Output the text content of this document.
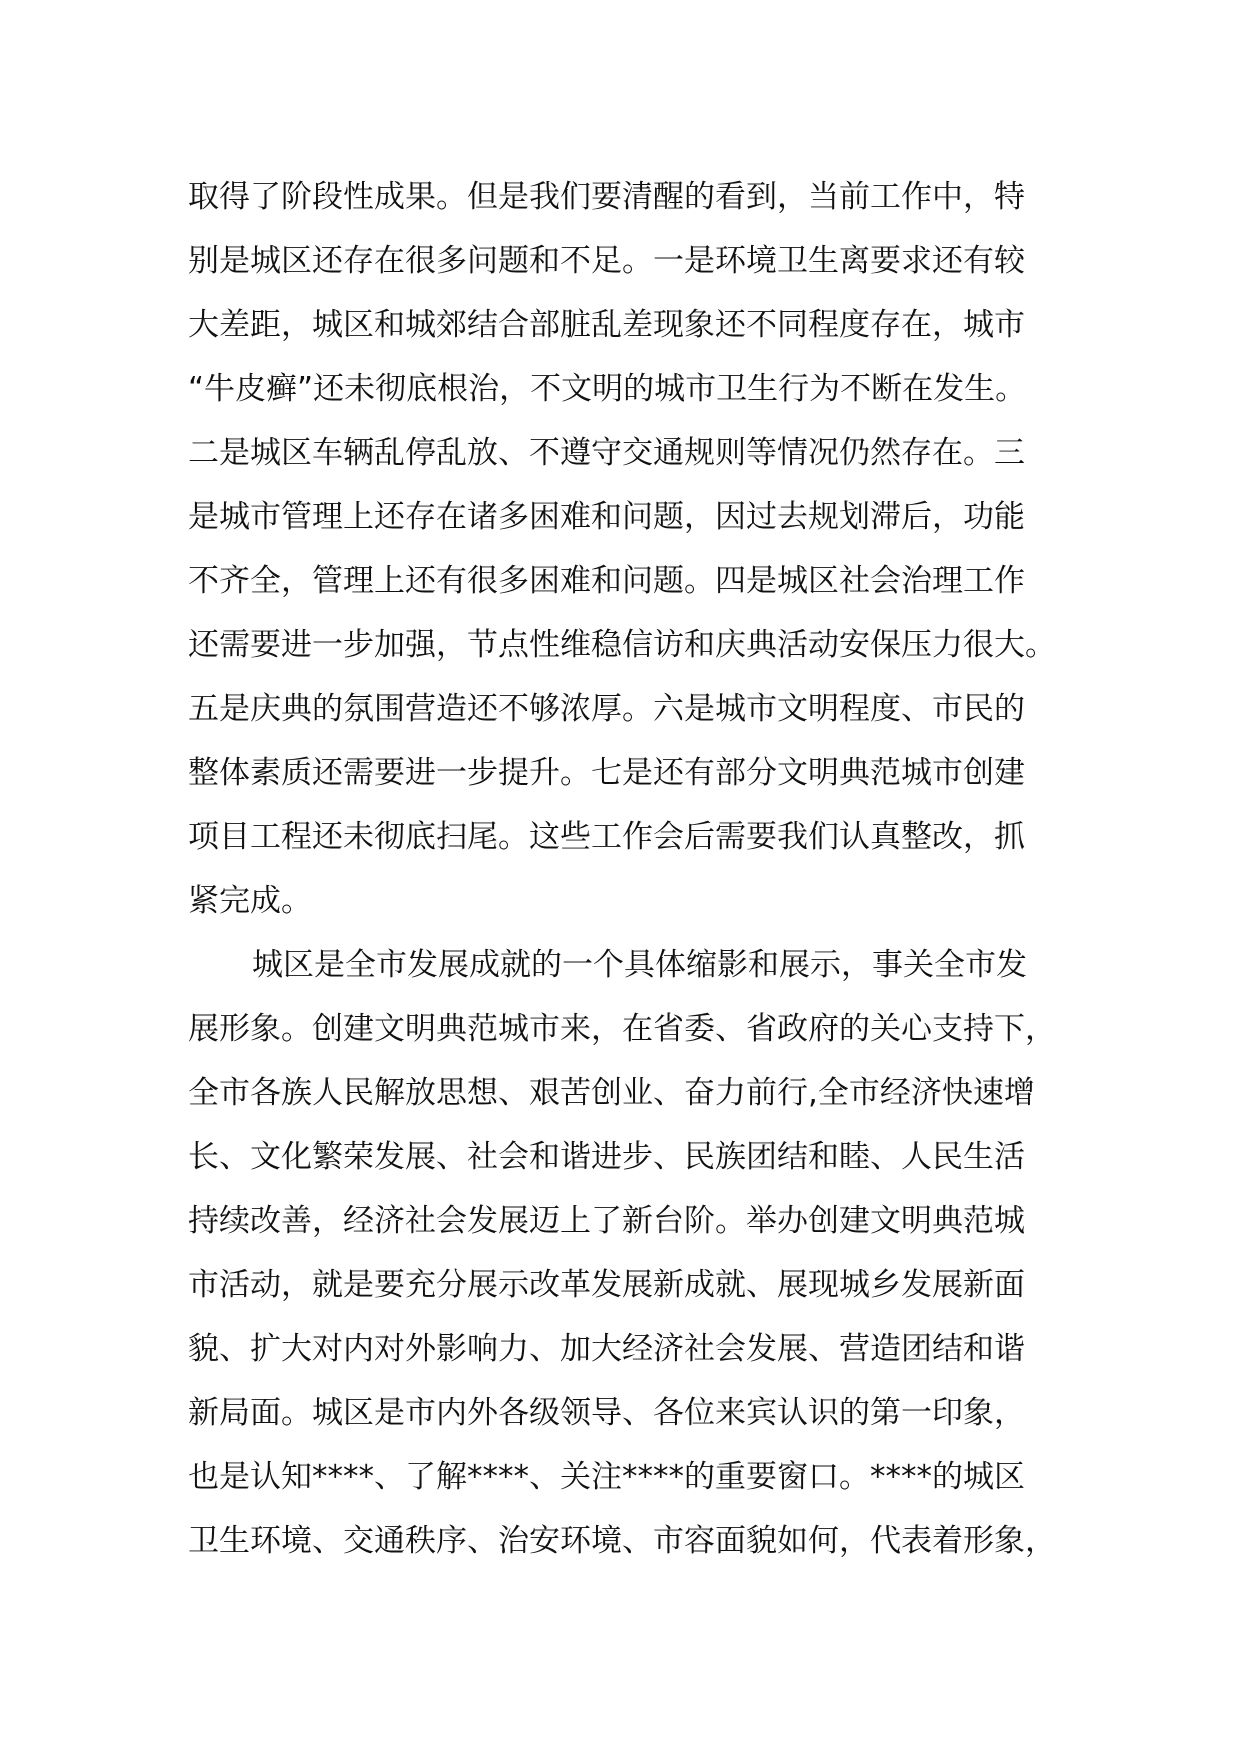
取得了阶段性成果。但是我们要清醒的看到，当前工作中，特
别是城区还存在很多问题和不足。一是环境卫生离要求还有较
大差距，城区和城郊结合部脏乱差现象还不同程度存在，城市
“牛皮癣”还未彻底根治，不文明的城市卫生行为不断在发生。
二是城区车辆乱停乱放、不遵守交通规则等情况仍然存在。三
是城市管理上还存在诸多困难和问题，因过去规划滞后，功能
不齐全，管理上还有很多困难和问题。四是城区社会治理工作
还需要进一步加强，节点性维稳信访和庆典活动安保压力很大。
五是庆典的氛围营造还不够浓厚。六是城市文明程度、市民的
整体素质还需要进一步提升。七是还有部分文明典范城市创建
项目工程还未彻底扫尾。这些工作会后需要我们认真整改，抓
紧完成。
城区是全市发展成就的一个具体缩影和展示，事关全市发
展形象。创建文明典范城市来，在省委、省政府的关心支持下，
全市各族人民解放思想、艰苦创业、奋力前行,全市经济快速增
长、文化繁荣发展、社会和谐进步、民族团结和睦、人民生活
持续改善，经济社会发展迈上了新台阶。举办创建文明典范城
市活动，就是要充分展示改革发展新成就、展现城乡发展新面
貌、扩大对内对外影响力、加大经济社会发展、营造团结和谐
新局面。城区是市内外各级领导、各位来宾认识的第一印象，
也是认知****、了解****、关注****的重要窗口。****的城区
卫生环境、交通秩序、治安环境、市容面貌如何，代表着形象，
